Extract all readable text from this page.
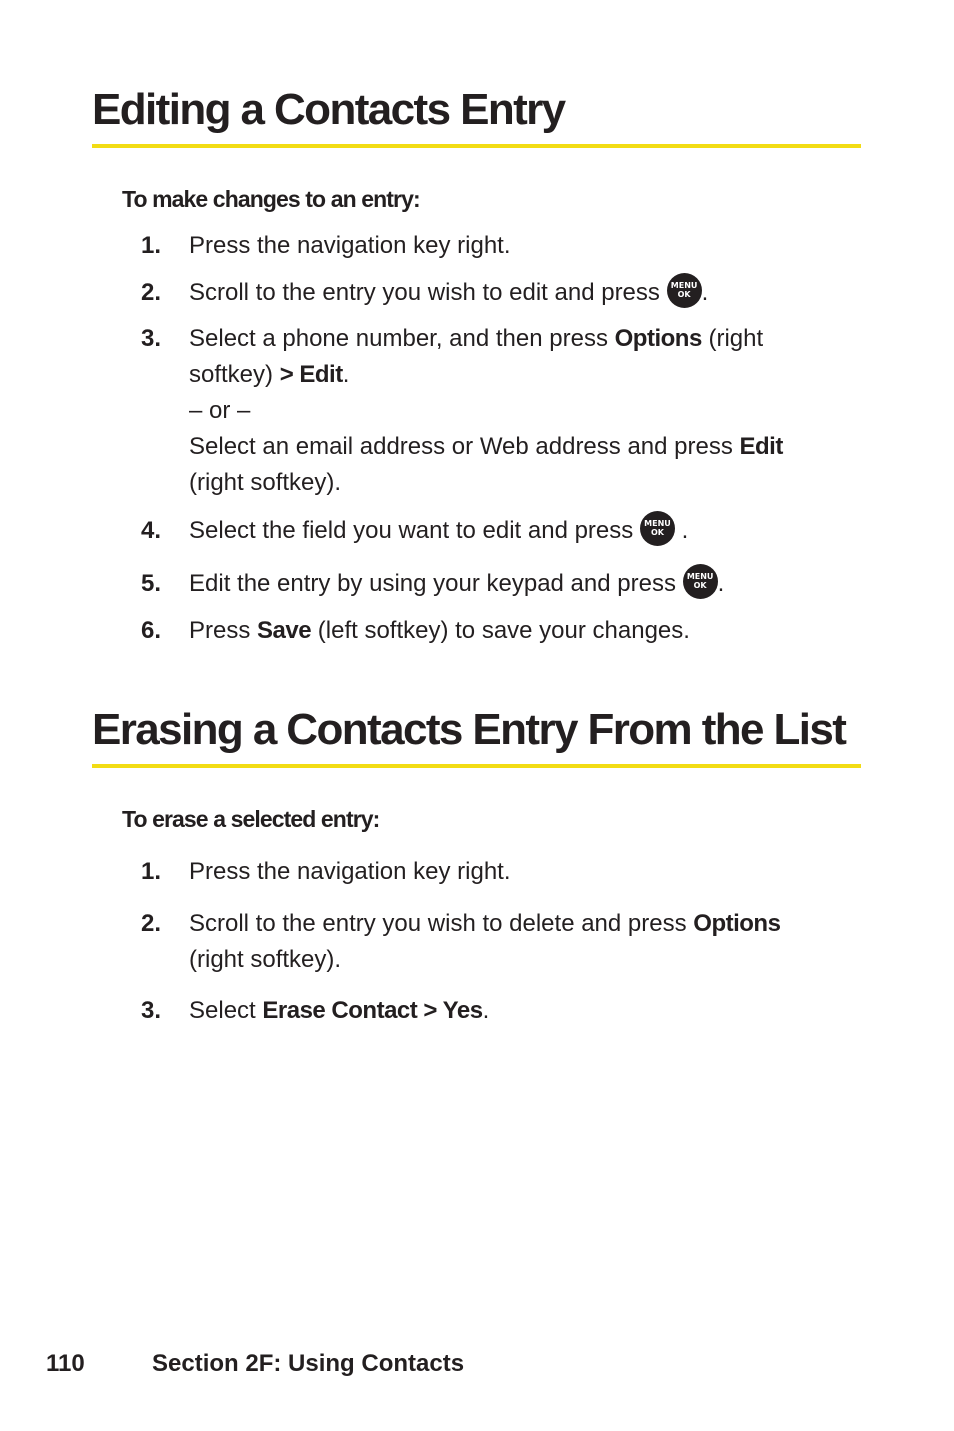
Editing a Contacts Entry
To make changes to an entry:
1. Press the navigation key right.
2. Scroll to the entry you wish to edit and press	MENU
OK .
3. Select a phone number, and then press Options (right
softkey) > Edit.
– or –
Select an email address or Web address and press Edit
(right softkey).
4. Select the field you want to edit and press	MENU
OK .
5. Edit the entry by using your keypad and press	MENU
OK .
6. Press Save (left softkey) to save your changes.
Erasing a Contacts Entry From the List
To erase a selected entry:
1. Press the navigation key right.
2. Scroll to the entry you wish to delete and press Options
(right softkey).
3. Select Erase Contact > Yes.
110	Section 2F: Using Contacts
